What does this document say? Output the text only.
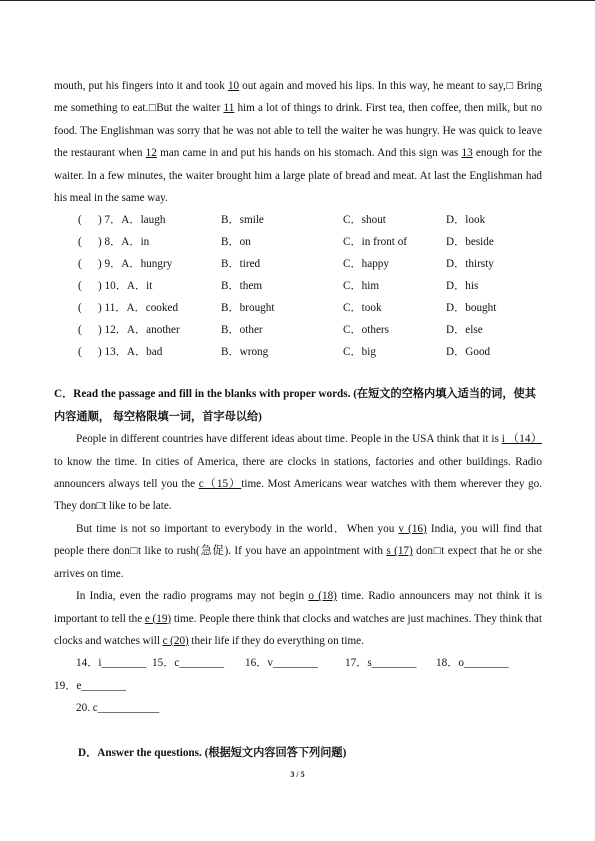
mouth, put his fingers into it and took 10 out again and moved his lips. In this way, he meant to say,□ Bring me something to eat.□But the waiter 11 him a lot of things to drink. First tea, then coffee, then milk, but no food. The Englishman was sorry that he was not able to tell the waiter he was hungry. He was quick to leave the restaurant when 12 man came in and put his hands on his stomach. And this sign was 13 enough for the waiter. In a few minutes, the waiter brought him a large plate of bread and meat. At last the Englishman had his meal in the same way.

( ) 7．A．laugh	B．smile	C．shout	D．look
( ) 8．A．in	B．on	C．in front of	D．beside
( ) 9．A．hungry	B．tired	C．happy	D．thirsty
( ) 10．A．it	B．them	C．him	D．his
( ) 11．A．cooked	B．brought	C．took	D．bought
( ) 12．A．another	B．other	C．others	D．else
( ) 13．A．bad	B．wrong	C．big	D．Good

C．Read the passage and fill in the blanks with proper words. (在短文的空格内填入适当的词，使其内容通顺， 每空格限填一词，首字母以给)

People in different countries have different ideas about time. People in the USA think that it is i （14） to know the time. In cities of America, there are clocks in stations, factories and other buildings. Radio announcers always tell you the c（15）time. Most Americans wear watches with them wherever they go. They don□t like to be late.

But time is not so important to everybody in the world．When you v (16) India, you will find that people there don□t like to rush(急促). If you have an appointment with s (17) don□t expect that he or she arrives on time.

In India, even the radio programs may not begin o (18) time. Radio announcers may not think it is important to tell the e (19) time. People there think that clocks and watches are just machines. They think that clocks and watches will c (20) their life if they do everything on time.

14．i________ 15．c________ 16．v________ 17．s________ 18．o________
19．e________
20. c___________

D．Answer the questions. (根据短文内容回答下列问题)

3 / 5
